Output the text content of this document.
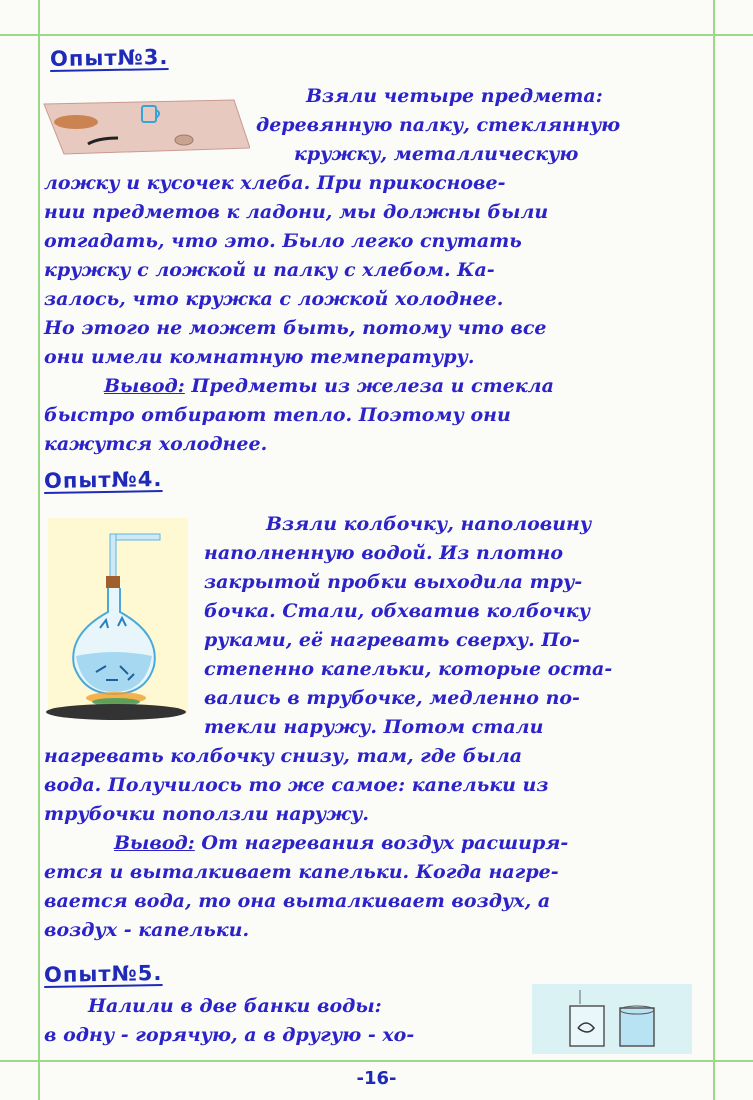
Опыт№3.
Взяли четыре предмета:
деревянную палку, стеклянную
кружку, металлическую
ложку и кусочек хлеба. При прикоснове-
нии предметов к ладони, мы должны были
отгадать, что это. Было легко спутать
кружку с ложкой и палку с хлебом. Ка-
залось, что кружка с ложкой холоднее.
Но этого не может быть, потому что все
они имели комнатную температуру.
Вывод: Предметы из железа и стекла
быстро отбирают тепло. Поэтому они
кажутся холоднее.
Опыт№4.
Взяли колбочку, наполовину
наполненную водой. Из плотно
закрытой пробки выходила тру-
бочка. Стали, обхватив колбочку
руками, её нагревать сверху. По-
степенно капельки, которые оста-
вались в трубочке, медленно по-
текли наружу. Потом стали
нагревать колбочку снизу, там, где была
вода. Получилось то же самое: капельки из
трубочки поползли наружу.
Вывод: От нагревания воздух расширя-
ется и выталкивает капельки. Когда нагре-
вается вода, то она выталкивает воздух, а
воздух - капельки.
Опыт№5.
Налили в две банки воды:
в одну - горячую, а в другую - хо-
-16-
